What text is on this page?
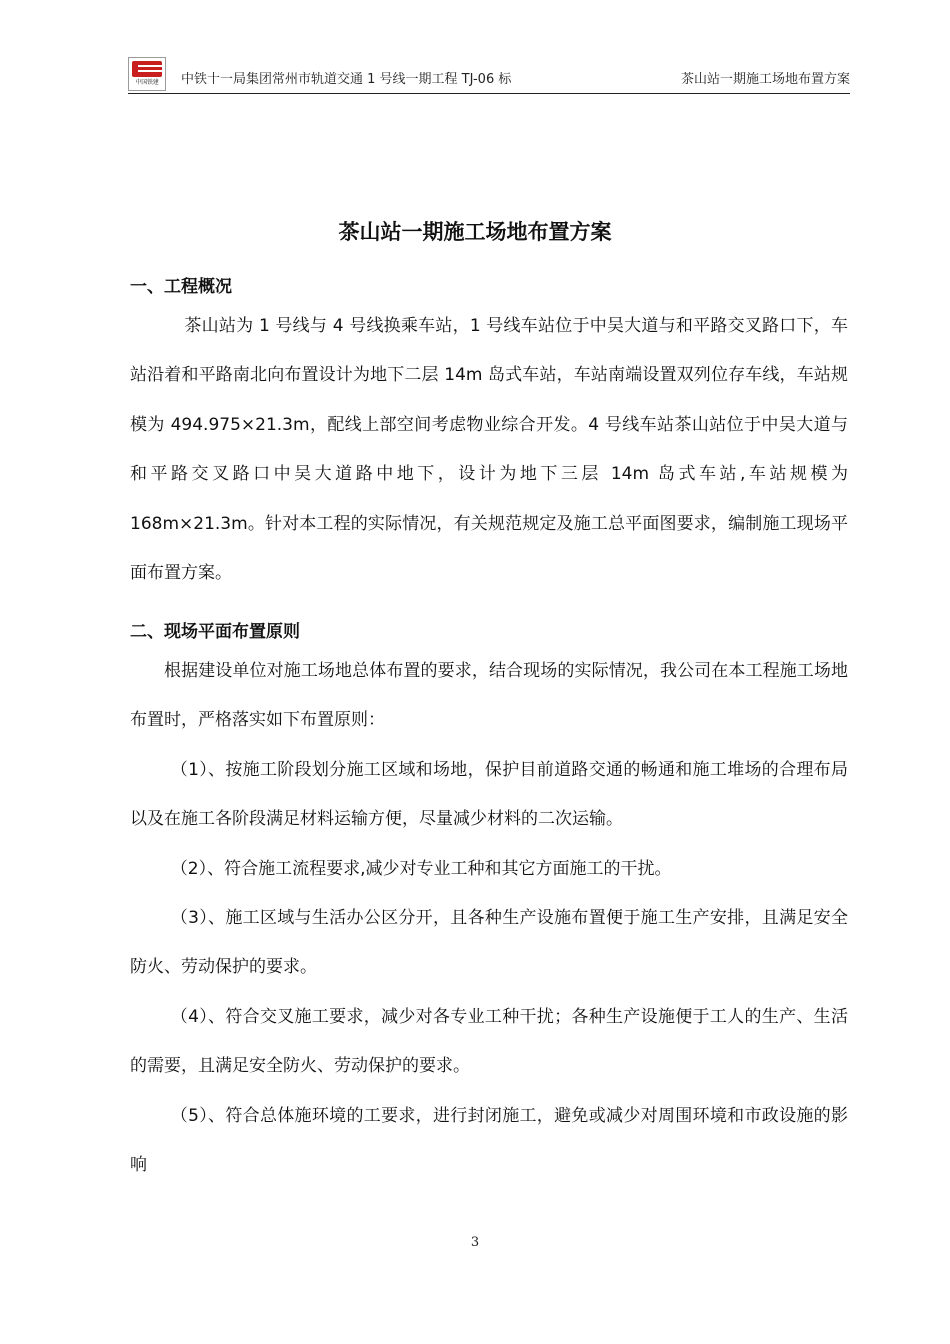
中国铁建	中铁十一局集团常州市轨道交通 1 号线一期工程 TJ-06 标	茶山站一期施工场地布置方案
茶山站一期施工场地布置方案
一、工程概况
茶山站为 1 号线与 4 号线换乘车站，1 号线车站位于中吴大道与和平路交叉路口下，车站沿着和平路南北向布置设计为地下二层 14m 岛式车站，车站南端设置双列位存车线，车站规模为 494.975×21.3m，配线上部空间考虑物业综合开发。4 号线车站茶山站位于中吴大道与和平路交叉路口中吴大道路中地下，设计为地下三层 14m 岛式车站,车站规模为 168m×21.3m。针对本工程的实际情况，有关规范规定及施工总平面图要求，编制施工现场平面布置方案。
二、现场平面布置原则
根据建设单位对施工场地总体布置的要求，结合现场的实际情况，我公司在本工程施工场地布置时，严格落实如下布置原则：
（1）、按施工阶段划分施工区域和场地，保护目前道路交通的畅通和施工堆场的合理布局以及在施工各阶段满足材料运输方便，尽量减少材料的二次运输。
（2）、符合施工流程要求,减少对专业工种和其它方面施工的干扰。
（3）、施工区域与生活办公区分开，且各种生产设施布置便于施工生产安排，且满足安全防火、劳动保护的要求。
（4）、符合交叉施工要求，减少对各专业工种干扰；各种生产设施便于工人的生产、生活的需要，且满足安全防火、劳动保护的要求。
（5）、符合总体施环境的工要求，进行封闭施工，避免或减少对周围环境和市政设施的影响
3
